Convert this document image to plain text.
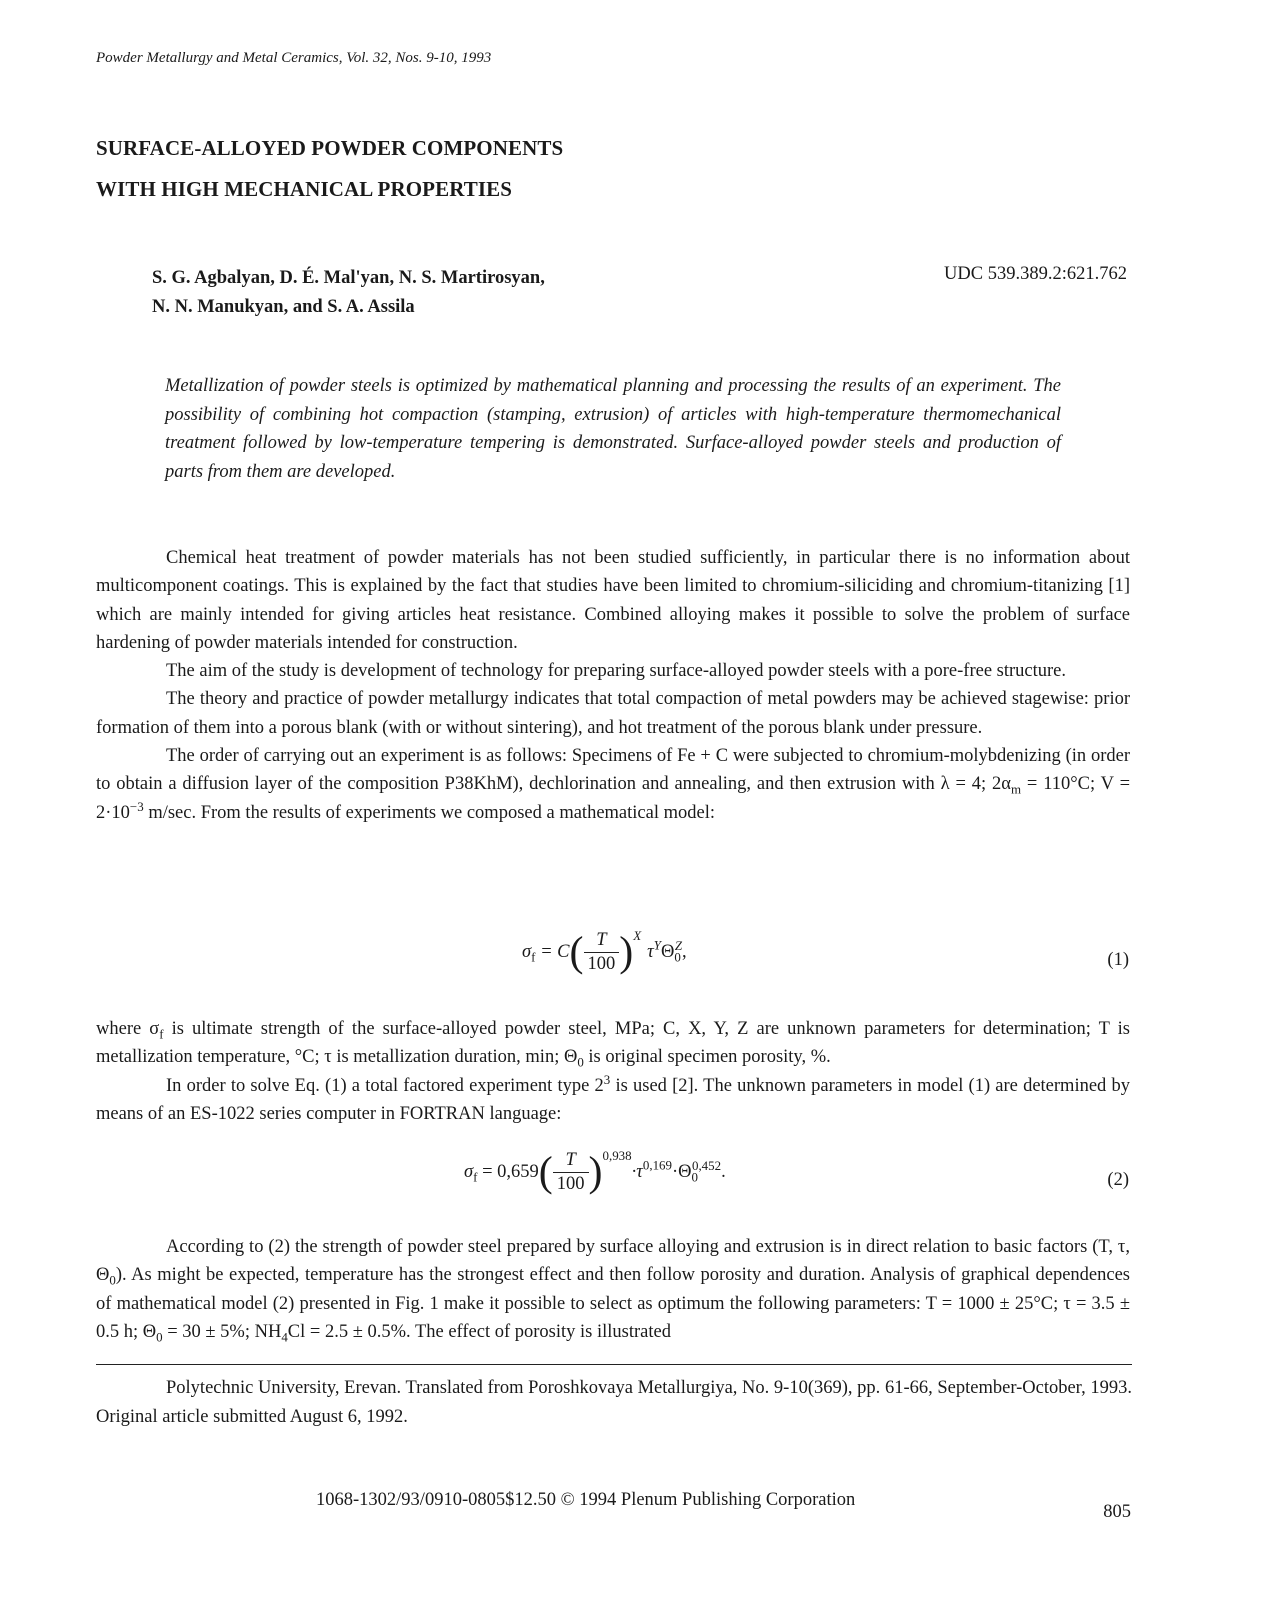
Powder Metallurgy and Metal Ceramics, Vol. 32, Nos. 9-10, 1993
SURFACE-ALLOYED POWDER COMPONENTS
WITH HIGH MECHANICAL PROPERTIES
S. G. Agbalyan, D. É. Mal'yan, N. S. Martirosyan,
N. N. Manukyan, and S. A. Assila
UDC 539.389.2:621.762
Metallization of powder steels is optimized by mathematical planning and processing the results of an experiment. The possibility of combining hot compaction (stamping, extrusion) of articles with high-temperature thermomechanical treatment followed by low-temperature tempering is demonstrated. Surface-alloyed powder steels and production of parts from them are developed.

Chemical heat treatment of powder materials has not been studied sufficiently, in particular there is no information about multicomponent coatings. This is explained by the fact that studies have been limited to chromium-siliciding and chromium-titanizing [1] which are mainly intended for giving articles heat resistance. Combined alloying makes it possible to solve the problem of surface hardening of powder materials intended for construction.

The aim of the study is development of technology for preparing surface-alloyed powder steels with a pore-free structure.

The theory and practice of powder metallurgy indicates that total compaction of metal powders may be achieved stagewise: prior formation of them into a porous blank (with or without sintering), and hot treatment of the porous blank under pressure.

The order of carrying out an experiment is as follows: Specimens of Fe + C were subjected to chromium-molybdenizing (in order to obtain a diffusion layer of the composition P38KhM), dechlorination and annealing, and then extrusion with λ = 4; $2\alpha_m = 110^\circ C$; $V = 2\cdot 10^{-3}$ m/sec. From the results of experiments we composed a mathematical model:

$\sigma_f = C( \frac{T}{100} )^X\tau^Y\Theta_0^Z$,	(1)

where $\sigma_f$ is ultimate strength of the surface-alloyed powder steel, MPa; C, X, Y, Z are unknown parameters for determination; T is metallization temperature, °C; τ is metallization duration, min; $\Theta_0$ is original specimen porosity, %.

In order to solve Eq. (1) a total factored experiment type $2^3$ is used [2]. The unknown parameters in model (1) are determined by means of an ES-1022 series computer in FORTRAN language:

$\sigma_f = 0,659( \frac{T}{100} )^{0,938}\cdot\tau^{0,169}\cdot\Theta_0^{0,452}$.	(2)

According to (2) the strength of powder steel prepared by surface alloying and extrusion is in direct relation to basic factors (T, τ, $\Theta_0$). As might be expected, temperature has the strongest effect and then follow porosity and duration. Analysis of graphical dependences of mathematical model (2) presented in Fig. 1 make it possible to select as optimum the following parameters: T = 1000 ± 25°C; τ = 3.5 ± 0.5 h; $\Theta_0 = 30 \pm 5\%$; $NH_4Cl = 2.5 \pm 0.5\%$. The effect of porosity is illustrated

Polytechnic University, Erevan. Translated from Poroshkovaya Metallurgiya, No. 9-10(369), pp. 61-66, September-October, 1993. Original article submitted August 6, 1992.

1068-1302/93/0910-0805$12.50 © 1994 Plenum Publishing Corporation
805
